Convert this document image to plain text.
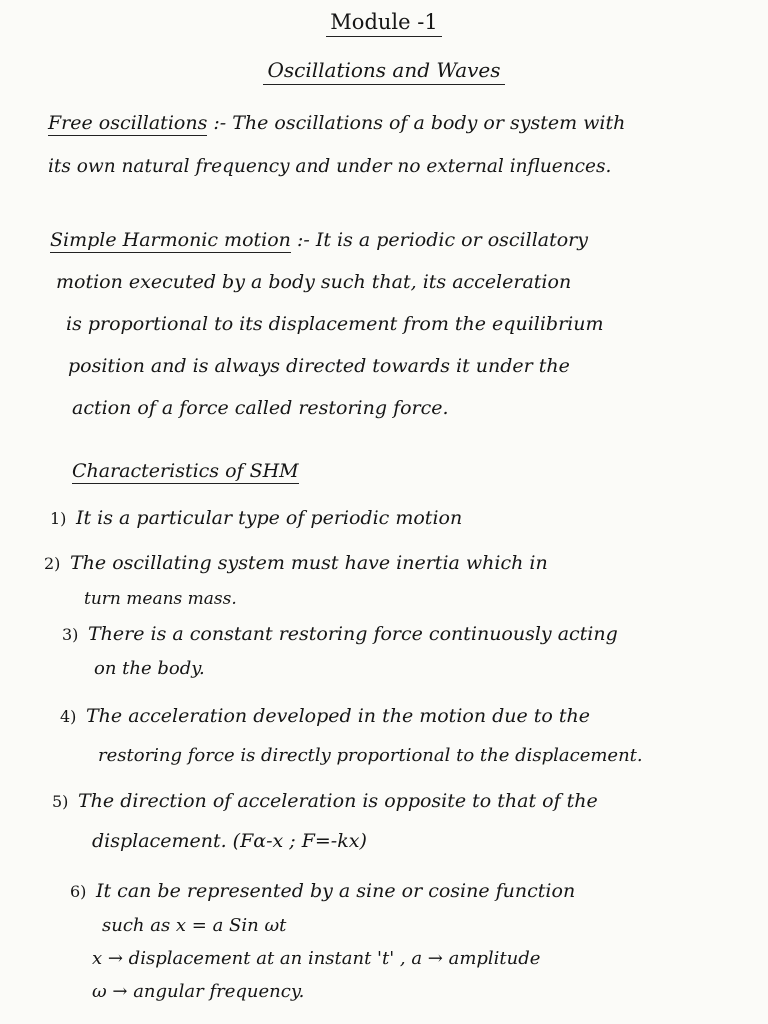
Module -1
Oscillations and Waves
Free oscillations :- The oscillations of a body or system with
its own natural frequency and under no external influences.
Simple Harmonic motion :- It is a periodic or oscillatory
motion executed by a body such that, its acceleration
is proportional to its displacement from the equilibrium
position and is always directed towards it under the
action of a force called restoring force.
Characteristics of SHM
1) It is a particular type of periodic motion
2) The oscillating system must have inertia which in
turn means mass.
3) There is a constant restoring force continuously acting
on the body.
4) The acceleration developed in the motion due to the
restoring force is directly proportional to the displacement.
5) The direction of acceleration is opposite to that of the
displacement. (Fα-x ; F=-kx)
6) It can be represented by a sine or cosine function
such as x = a Sin ωt
x → displacement at an instant 't' , a → amplitude
ω → angular frequency.
